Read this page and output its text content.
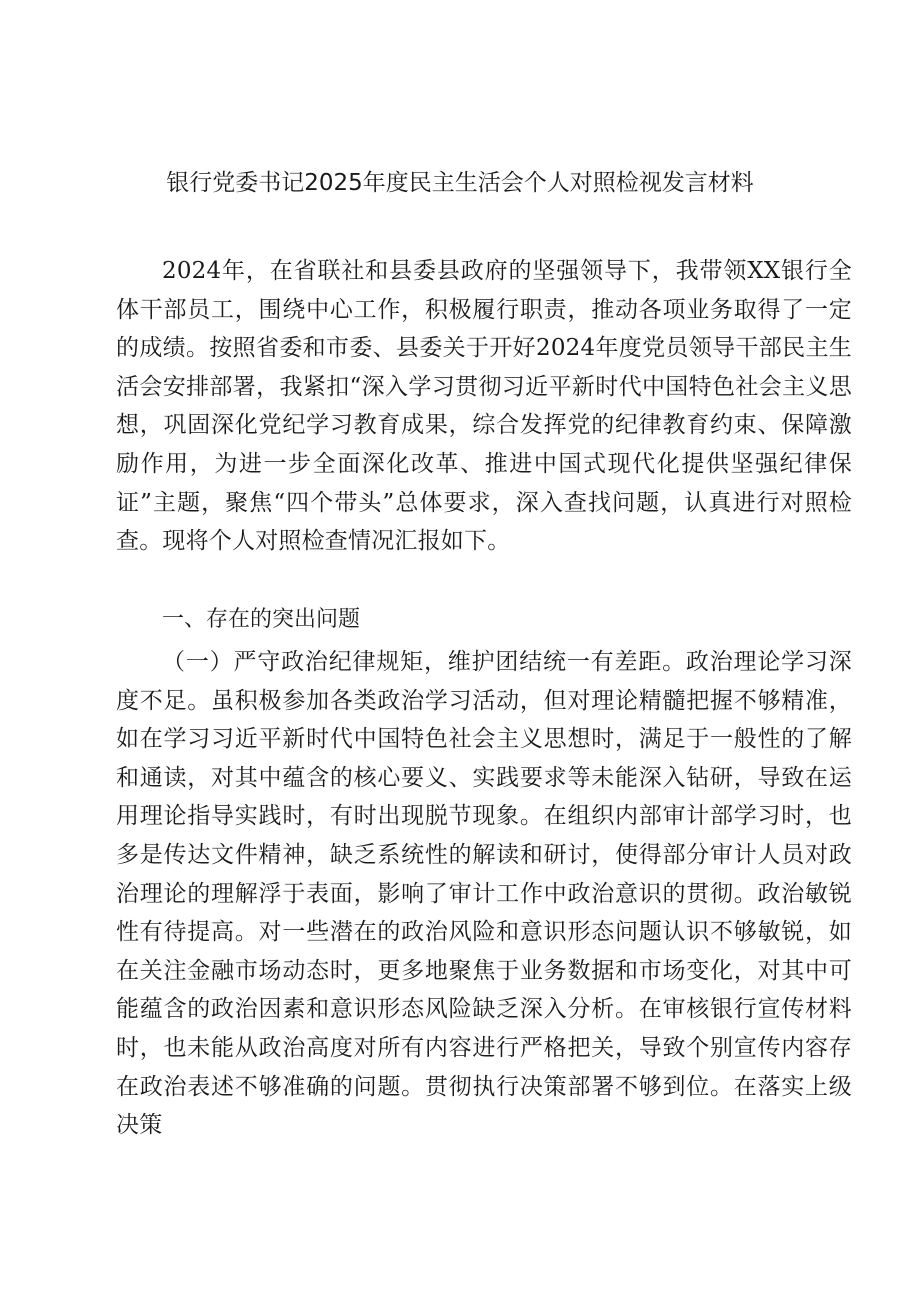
银行党委书记2025年度民主生活会个人对照检视发言材料

2024年，在省联社和县委县政府的坚强领导下，我带领XX银行全体干部员工，围绕中心工作，积极履行职责，推动各项业务取得了一定的成绩。按照省委和市委、县委关于开好2024年度党员领导干部民主生活会安排部署，我紧扣“深入学习贯彻习近平新时代中国特色社会主义思想，巩固深化党纪学习教育成果，综合发挥党的纪律教育约束、保障激励作用，为进一步全面深化改革、推进中国式现代化提供坚强纪律保证”主题，聚焦“四个带头”总体要求，深入查找问题，认真进行对照检查。现将个人对照检查情况汇报如下。

一、存在的突出问题

（一）严守政治纪律规矩，维护团结统一有差距。政治理论学习深度不足。虽积极参加各类政治学习活动，但对理论精髓把握不够精准，如在学习习近平新时代中国特色社会主义思想时，满足于一般性的了解和通读，对其中蕴含的核心要义、实践要求等未能深入钻研，导致在运用理论指导实践时，有时出现脱节现象。在组织内部审计部学习时，也多是传达文件精神，缺乏系统性的解读和研讨，使得部分审计人员对政治理论的理解浮于表面，影响了审计工作中政治意识的贯彻。政治敏锐性有待提高。对一些潜在的政治风险和意识形态问题认识不够敏锐，如在关注金融市场动态时，更多地聚焦于业务数据和市场变化，对其中可能蕴含的政治因素和意识形态风险缺乏深入分析。在审核银行宣传材料时，也未能从政治高度对所有内容进行严格把关，导致个别宣传内容存在政治表述不够准确的问题。贯彻执行决策部署不够到位。在落实上级决策
